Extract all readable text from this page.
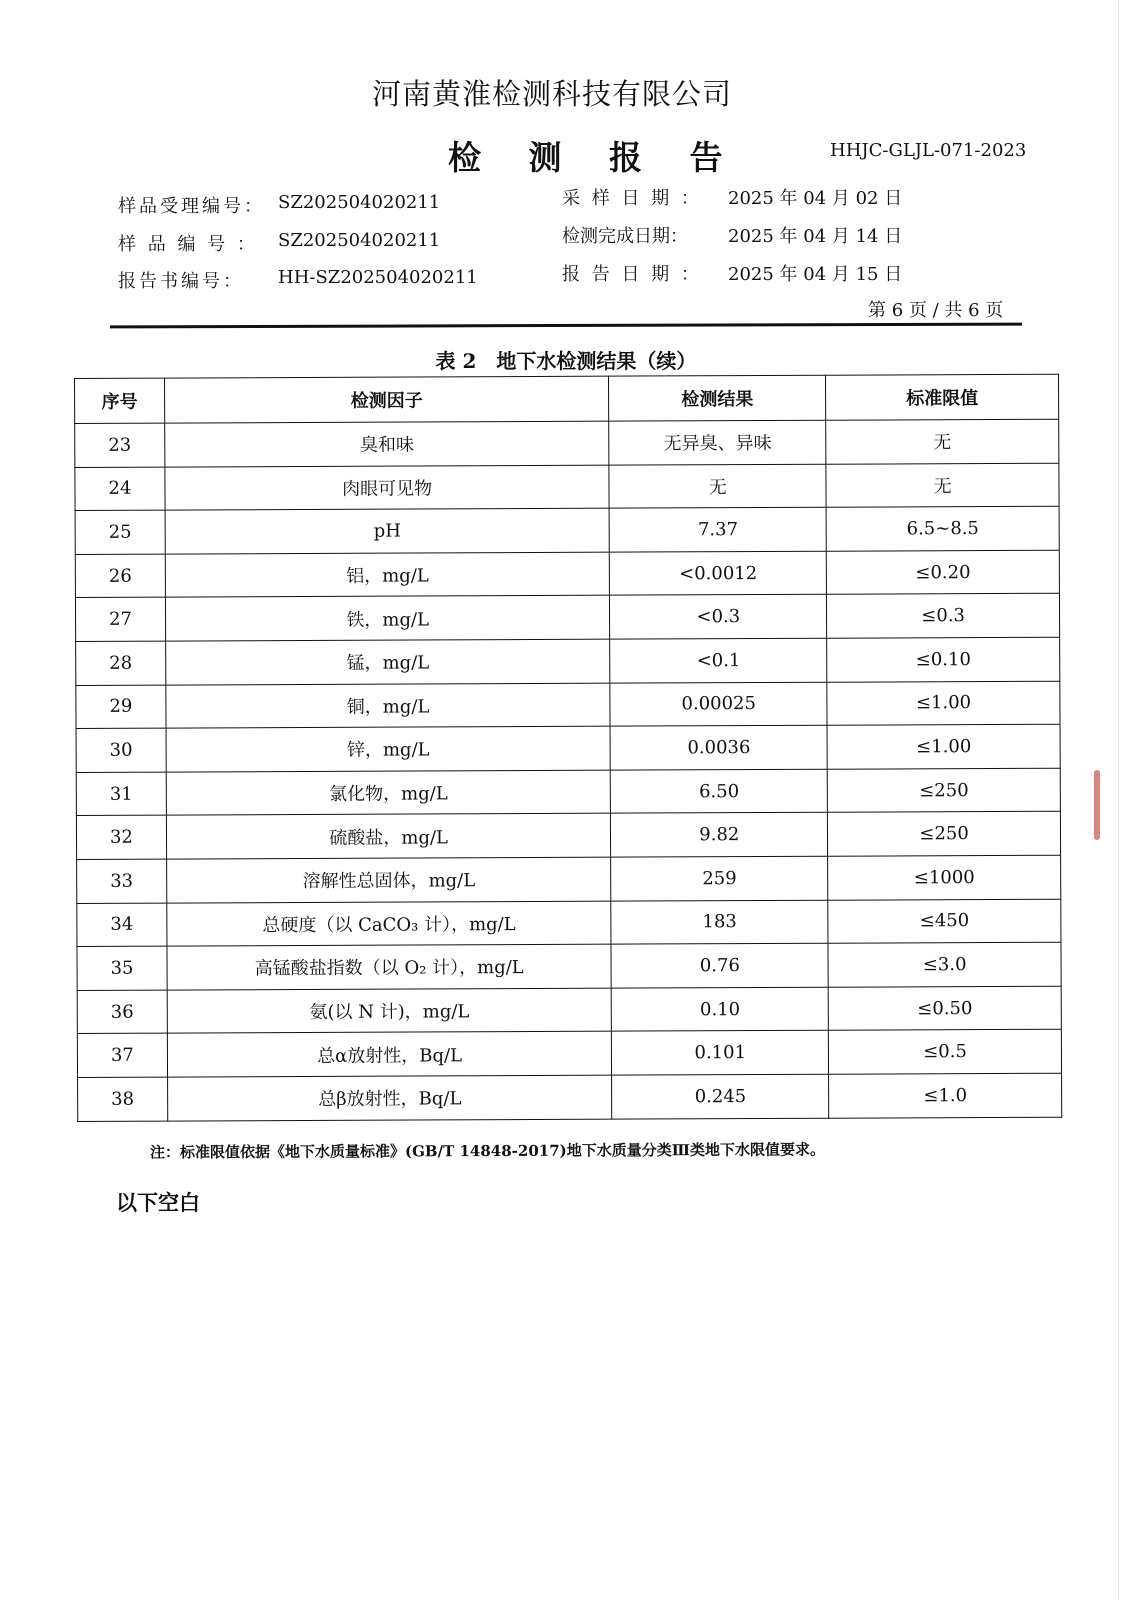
河南黄淮检测科技有限公司
检 测 报 告	HHJC-GLJL-071-2023
样品受理编号： SZ202504020211
样 品 编 号 ： SZ202504020211
报告书编号： HH-SZ202504020211
采 样 日 期 ： 2025 年 04 月 02 日
检测完成日期： 2025 年 04 月 14 日
报 告 日 期 ： 2025 年 04 月 15 日
第 6 页 / 共 6 页
表 2　地下水检测结果（续）
序号	检测因子	检测结果	标准限值
23	臭和味	无异臭、异味	无
24	肉眼可见物	无	无
25	pH	7.37	6.5~8.5
26	铝，mg/L	<0.0012	≤0.20
27	铁，mg/L	<0.3	≤0.3
28	锰，mg/L	<0.1	≤0.10
29	铜，mg/L	0.00025	≤1.00
30	锌，mg/L	0.0036	≤1.00
31	氯化物，mg/L	6.50	≤250
32	硫酸盐，mg/L	9.82	≤250
33	溶解性总固体，mg/L	259	≤1000
34	总硬度（以 CaCO₃ 计），mg/L	183	≤450
35	高锰酸盐指数（以 O₂ 计），mg/L	0.76	≤3.0
36	氨(以 N 计)，mg/L	0.10	≤0.50
37	总α放射性，Bq/L	0.101	≤0.5
38	总β放射性，Bq/L	0.245	≤1.0
注：标准限值依据《地下水质量标准》(GB/T 14848-2017)地下水质量分类Ⅲ类地下水限值要求。
以下空白
